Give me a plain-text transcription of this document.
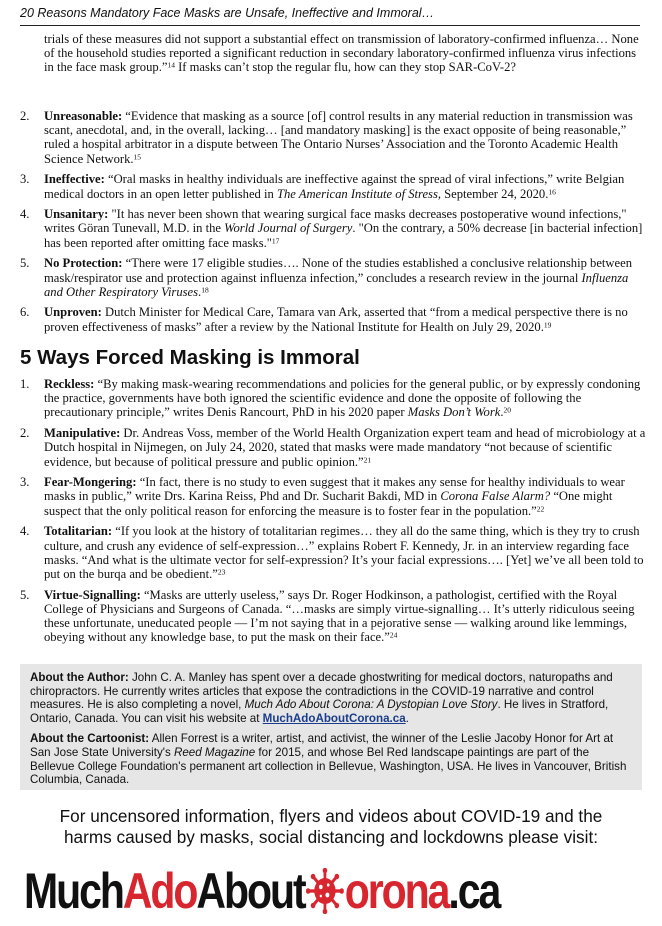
20 Reasons Mandatory Face Masks are Unsafe, Ineffective and Immoral…
trials of these measures did not support a substantial effect on transmission of laboratory-confirmed influenza… None of the household studies reported a significant reduction in secondary laboratory-confirmed influenza virus infections in the face mask group.”$^{14}$ If masks can’t stop the regular flu, how can they stop SAR-CoV-2?
2. Unreasonable: “Evidence that masking as a source [of] control results in any material reduction in transmission was scant, anecdotal, and, in the overall, lacking… [and mandatory masking] is the exact opposite of being reasonable,” ruled a hospital arbitrator in a dispute between The Ontario Nurses’ Association and the Toronto Academic Health Science Network.$^{15}$
3. Ineffective: “Oral masks in healthy individuals are ineffective against the spread of viral infections,” write Belgian medical doctors in an open letter published in The American Institute of Stress, September 24, 2020.16
4. Unsanitary: "It has never been shown that wearing surgical face masks decreases postoperative wound infections," writes Göran Tunevall, M.D. in the World Journal of Surgery. "On the contrary, a 50% decrease [in bacterial infection] has been reported after omitting face masks."$^{17}$
5. No Protection: “There were 17 eligible studies…. None of the studies established a conclusive relationship between mask/respirator use and protection against influenza infection,” concludes a research review in the journal Influenza and Other Respiratory Viruses.$^{18}$
6. Unproven: Dutch Minister for Medical Care, Tamara van Ark, asserted that “from a medical perspective there is no proven effectiveness of masks” after a review by the National Institute for Health on July 29, 2020.19
5 Ways Forced Masking is Immoral
1. Reckless: “By making mask-wearing recommendations and policies for the general public, or by expressly condoning the practice, governments have both ignored the scientific evidence and done the opposite of following the precautionary principle,” writes Denis Rancourt, PhD in his 2020 paper Masks Don’t Work.$^{20}$
2. Manipulative: Dr. Andreas Voss, member of the World Health Organization expert team and head of microbiology at a Dutch hospital in Nijmegen, on July 24, 2020, stated that masks were made mandatory “not because of scientific evidence, but because of political pressure and public opinion.”$^{21}$
3. Fear-Mongering: “In fact, there is no study to even suggest that it makes any sense for healthy individuals to wear masks in public,” write Drs. Karina Reiss, Phd and Dr. Sucharit Bakdi, MD in Corona False Alarm? “One might suspect that the only political reason for enforcing the measure is to foster fear in the population.”$^{22}$
4. Totalitarian: “If you look at the history of totalitarian regimes… they all do the same thing, which is they try to crush culture, and crush any evidence of self-expression…” explains Robert F. Kennedy, Jr. in an interview regarding face masks. “And what is the ultimate vector for self-expression? It’s your facial expressions…. [Yet] we’ve all been told to put on the burqa and be obedient.”$^{23}$
5. Virtue-Signalling: “Masks are utterly useless,” says Dr. Roger Hodkinson, a pathologist, certified with the Royal College of Physicians and Surgeons of Canada. “…masks are simply virtue-signalling… It’s utterly ridiculous seeing these unfortunate, uneducated people — I’m not saying that in a pejorative sense — walking around like lemmings, obeying without any knowledge base, to put the mask on their face.”$^{24}$

About the Author: John C. A. Manley has spent over a decade ghostwriting for medical doctors, naturopaths and chiropractors. He currently writes articles that expose the contradictions in the COVID-19 narrative and control measures. He is also completing a novel, Much Ado About Corona: A Dystopian Love Story. He lives in Stratford, Ontario, Canada. You can visit his website at MuchAdoAboutCorona.ca.

About the Cartoonist: Allen Forrest is a writer, artist, and activist, the winner of the Leslie Jacoby Honor for Art at San Jose State University's Reed Magazine for 2015, and whose Bel Red landscape paintings are part of the Bellevue College Foundation's permanent art collection in Bellevue, Washington, USA. He lives in Vancouver, British Columbia, Canada.

For uncensored information, flyers and videos about COVID-19 and the
harms caused by masks, social distancing and lockdowns please visit:
MuchAdoAbout orona.ca
